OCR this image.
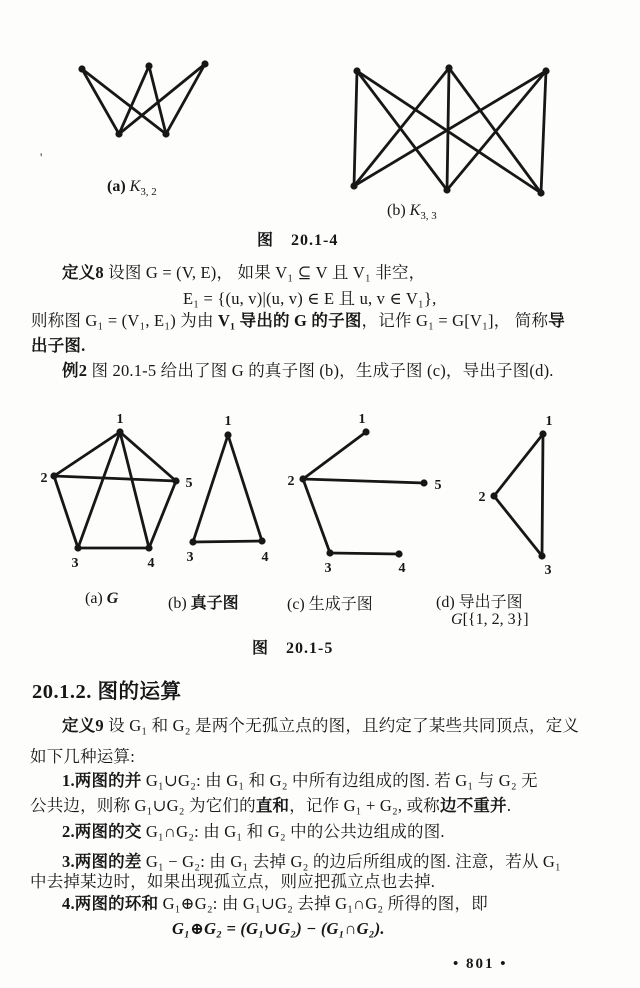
'
(a) $K_{3, 2}$
(b) $K_{3, 3}$
图　20.1-4
定义8 设图 G = (V, E)， 如果 V₁ ⊆ V 且 V₁ 非空，
E₁ = {(u, v)|(u, v) ∈ E 且 u, v ∈ V₁},
则称图 G₁ = (V₁, E₁) 为由 V₁ 导出的 G 的子图，记作 G₁ = G[V₁]， 简称导
出子图.
例2 图 20.1-5 给出了图 G 的真子图 (b)，生成子图 (c)，导出子图(d).
1
2	5
3	4
1
3	4
1
2	5
3	4
1
2
3
(a) G	(b) 真子图	(c) 生成子图	(d) 导出子图
G[{1, 2, 3}]
图　20.1-5
20.1.2. 图的运算
定义9 设 G₁ 和 G₂ 是两个无孤立点的图，且约定了某些共同顶点，定义
如下几种运算:
1.两图的并 G₁∪G₂: 由 G₁ 和 G₂ 中所有边组成的图. 若 G₁ 与 G₂ 无
公共边，则称 G₁∪G₂ 为它们的直和，记作 G₁ + G₂, 或称边不重并.
2.两图的交 G₁∩G₂: 由 G₁ 和 G₂ 中的公共边组成的图.
3.两图的差 G₁ − G₂: 由 G₁ 去掉 G₂ 的边后所组成的图. 注意，若从 G₁
中去掉某边时，如果出现孤立点，则应把孤立点也去掉.
4.两图的环和 G₁⊕G₂: 由 G₁∪G₂ 去掉 G₁∩G₂ 所得的图，即
G₁⊕G₂ = (G₁∪G₂) − (G₁∩G₂).
• 801 •
